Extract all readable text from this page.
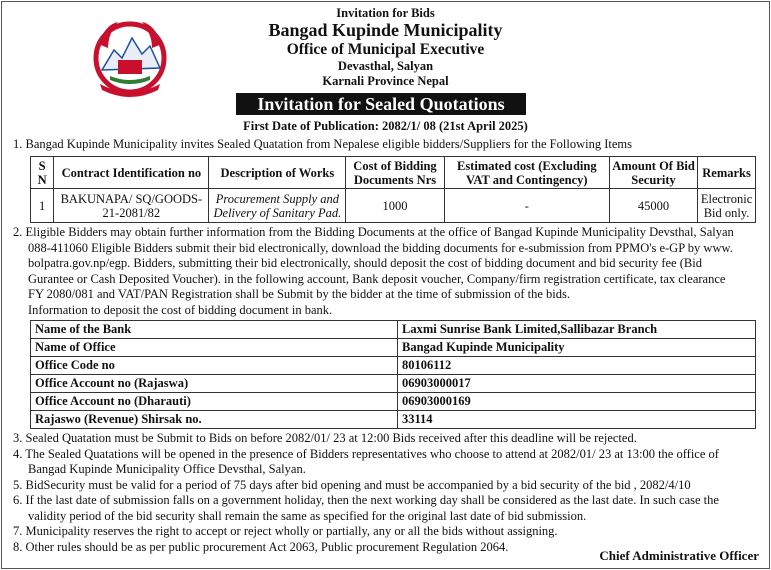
Invitation for Bids
Bangad Kupinde Municipality
Office of Municipal Executive
Devasthal, Salyan
Karnali Province Nepal
Invitation for Sealed Quotations
First Date of Publication: 2082/1/ 08 (21st April 2025)
1. Bangad Kupinde Municipality invites Sealed Quatation from Nepalese eligible bidders/Suppliers for the Following Items
S N	Contract Identification no	Description of Works	Cost of Bidding Documents Nrs	Estimated cost (Excluding VAT and Contingency)	Amount Of Bid Security	Remarks
1	BAKUNAPA/ SQ/GOODS-21-2081/82	Procurement Supply and Delivery of Sanitary Pad.	1000	-	45000	Electronic Bid only.
2. Eligible Bidders may obtain further information from the Bidding Documents at the office of Bangad Kupinde Municipality Devsthal, Salyan
088-411060 Eligible Bidders submit their bid electronically, download the bidding documents for e-submission from PPMO's e-GP by www.
bolpatra.gov.np/egp. Bidders, submitting their bid electronically, should deposit the cost of bidding document and bid security fee (Bid
Gurantee or Cash Deposited Voucher). in the following account, Bank deposit voucher, Company/firm registration certificate, tax clearance
FY 2080/081 and VAT/PAN Registration shall be Submit by the bidder at the time of submission of the bids.
Information to deposit the cost of bidding document in bank.
Name of the Bank	Laxmi Sunrise Bank Limited,Sallibazar Branch
Name of Office	Bangad Kupinde Municipality
Office Code no	80106112
Office Account no (Rajaswa)	06903000017
Office Account no (Dharauti)	06903000169
Rajaswo (Revenue) Shirsak no.	33114
3. Sealed Quatation must be Submit to Bids on before 2082/01/ 23 at 12:00 Bids received after this deadline will be rejected.
4. The Sealed Quatations will be opened in the presence of Bidders representatives who choose to attend at 2082/01/ 23 at 13:00 the office of
Bangad Kupinde Municipality Office Devsthal, Salyan.
5. BidSecurity must be valid for a period of 75 days after bid opening and must be accompanied by a bid security of the bid , 2082/4/10
6. If the last date of submission falls on a government holiday, then the next working day shall be considered as the last date. In such case the
validity period of the bid security shall remain the same as specified for the original last date of bid submission.
7. Municipality reserves the right to accept or reject wholly or partially, any or all the bids without assigning.
8. Other rules should be as per public procurement Act 2063, Public procurement Regulation 2064.
Chief Administrative Officer
